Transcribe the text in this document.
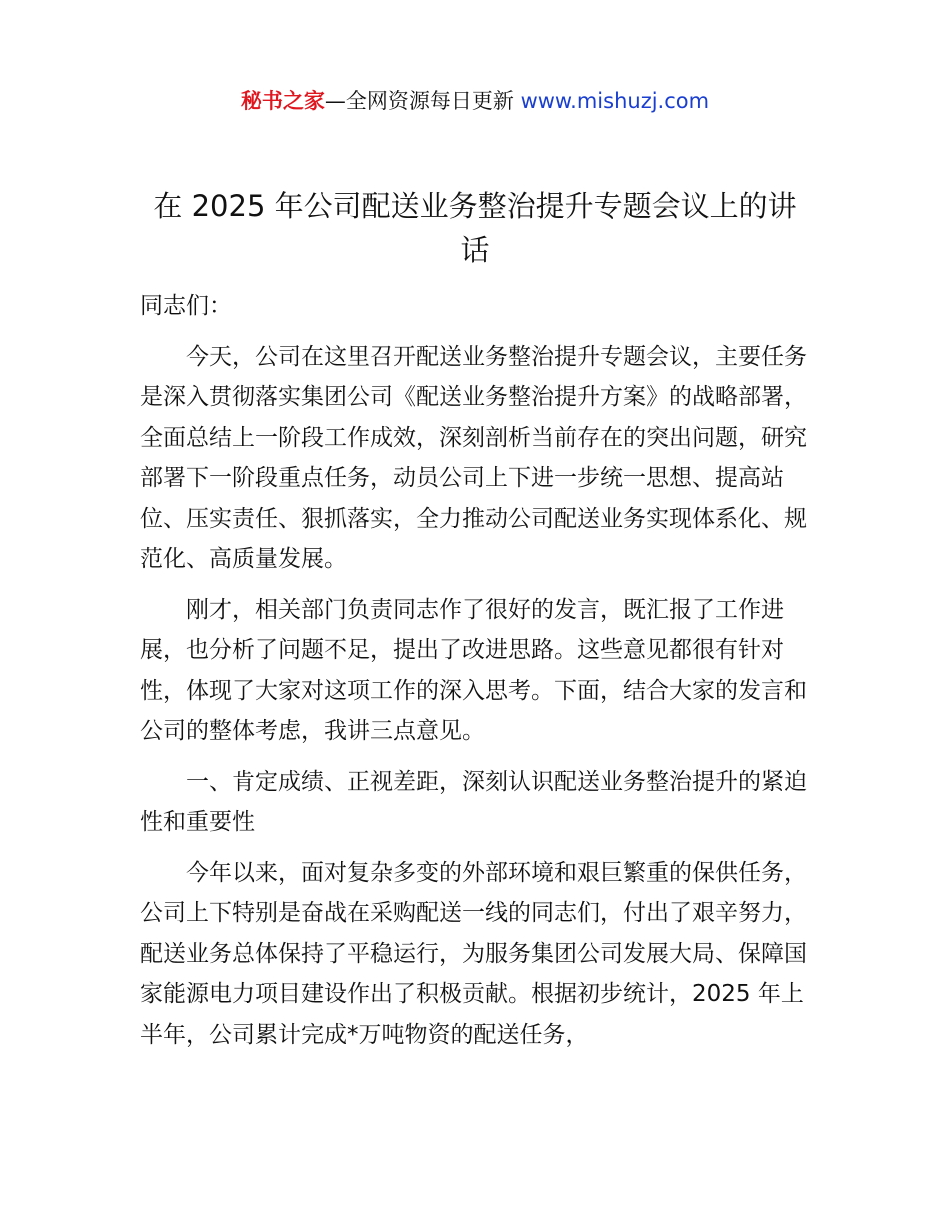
秘书之家—全网资源每日更新 www.mishuzj.com
在 2025 年公司配送业务整治提升专题会议上的讲话

同志们：

今天，公司在这里召开配送业务整治提升专题会议，主要任务是深入贯彻落实集团公司《配送业务整治提升方案》的战略部署，全面总结上一阶段工作成效，深刻剖析当前存在的突出问题，研究部署下一阶段重点任务，动员公司上下进一步统一思想、提高站位、压实责任、狠抓落实，全力推动公司配送业务实现体系化、规范化、高质量发展。

刚才，相关部门负责同志作了很好的发言，既汇报了工作进展，也分析了问题不足，提出了改进思路。这些意见都很有针对性，体现了大家对这项工作的深入思考。下面，结合大家的发言和公司的整体考虑，我讲三点意见。

一、肯定成绩、正视差距，深刻认识配送业务整治提升的紧迫性和重要性

今年以来，面对复杂多变的外部环境和艰巨繁重的保供任务，公司上下特别是奋战在采购配送一线的同志们，付出了艰辛努力，配送业务总体保持了平稳运行，为服务集团公司发展大局、保障国家能源电力项目建设作出了积极贡献。根据初步统计，2025 年上半年，公司累计完成*万吨物资的配送任务，
